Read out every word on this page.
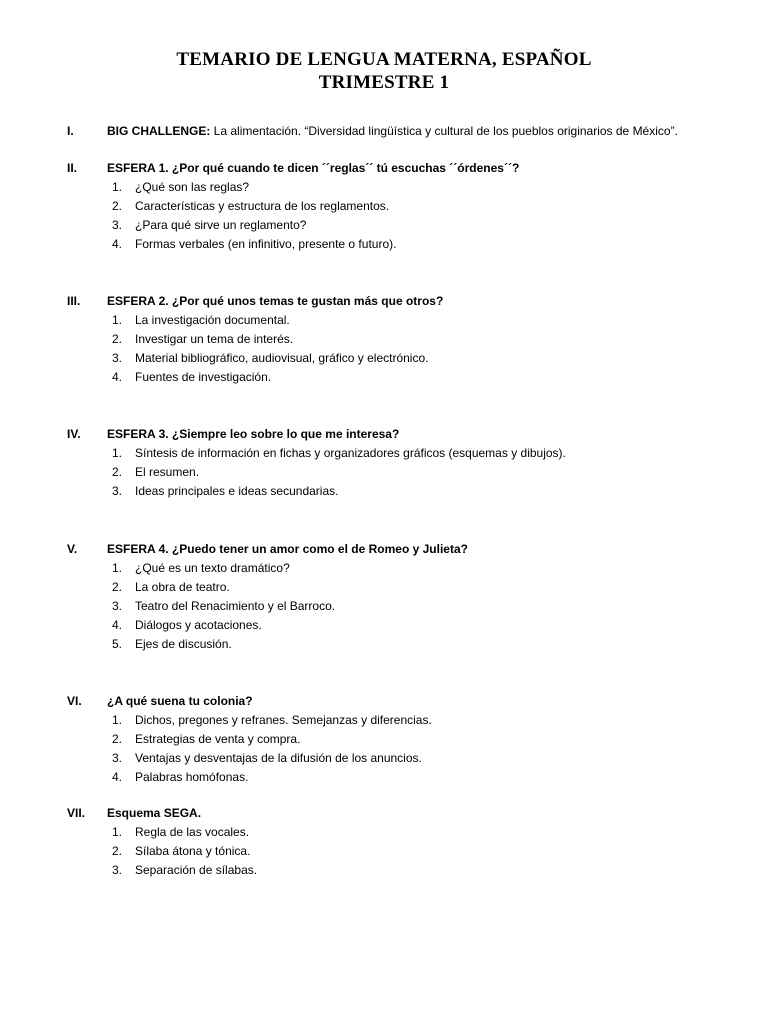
TEMARIO DE LENGUA MATERNA, ESPAÑOL
TRIMESTRE 1
I.	BIG CHALLENGE: La alimentación. “Diversidad lingüística y cultural de los pueblos originarios de México”.
II. ESFERA 1. ¿Por qué cuando te dicen ´´reglas´´ tú escuchas ´´órdenes´´?
1. ¿Qué son las reglas?
2. Características y estructura de los reglamentos.
3. ¿Para qué sirve un reglamento?
4. Formas verbales (en infinitivo, presente o futuro).
III. ESFERA 2. ¿Por qué unos temas te gustan más que otros?
1. La investigación documental.
2. Investigar un tema de interés.
3. Material bibliográfico, audiovisual, gráfico y electrónico.
4. Fuentes de investigación.
IV. ESFERA 3. ¿Siempre leo sobre lo que me interesa?
1. Síntesis de información en fichas y organizadores gráficos (esquemas y dibujos).
2. El resumen.
3. Ideas principales e ideas secundarias.
V. ESFERA 4. ¿Puedo tener un amor como el de Romeo y Julieta?
1. ¿Qué es un texto dramático?
2. La obra de teatro.
3. Teatro del Renacimiento y el Barroco.
4. Diálogos y acotaciones.
5. Ejes de discusión.
VI. ¿A qué suena tu colonia?
1. Dichos, pregones y refranes. Semejanzas y diferencias.
2. Estrategias de venta y compra.
3. Ventajas y desventajas de la difusión de los anuncios.
4. Palabras homófonas.
VII. Esquema SEGA.
1. Regla de las vocales.
2. Sílaba átona y tónica.
3. Separación de sílabas.
